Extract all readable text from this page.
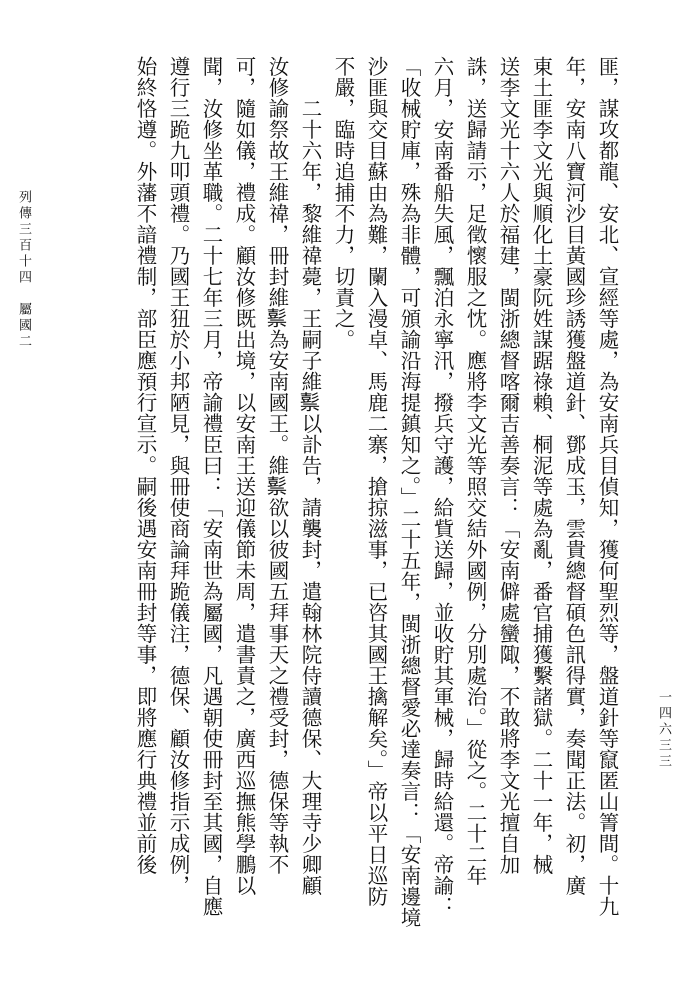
列傳三百十四　屬國二	匪，謀攻都龍、安北、宣經等處，為安南兵目偵知，獲何聖烈等，盤道針等竄匿山箐間。十九
年，安南八寶河沙目黃國珍誘獲盤道針、鄧成玉，雲貴總督碩色訊得實，奏聞正法。初，廣
東土匪李文光與順化土豪阮姓謀踞祿賴、桐泥等處為亂，番官捕獲繫諸獄。二十一年，械
送李文光十六人於福建，閩浙總督喀爾吉善奏言：「安南僻處蠻陬，不敢將李文光擅自加
誅，送歸請示，足徵懷服之忱。應將李文光等照交結外國例，分別處治。」從之。二十二年
六月，安南番船失風，飄泊永寧汛，撥兵守護，給貲送歸，並收貯其軍械，歸時給還。帝諭：
「收械貯庫，殊為非體，可頒諭沿海提鎮知之。」二十五年，閩浙總督愛必達奏言：「安南邊境
沙匪與交目蘇由為難，闌入漫卓、馬鹿二寨，搶掠滋事，已咨其國王擒解矣。」帝以平日巡防
不嚴，臨時追捕不力，切責之。
　　二十六年，黎維禕薨，王嗣子維𥛱以訃告，請襲封，遣翰林院侍讀德保、大理寺少卿顧
汝修諭祭故王維禕，冊封維𥛱為安南國王。維𥛱欲以彼國五拜事天之禮受封，德保等執不
可，隨如儀，禮成。顧汝修既出境，以安南王送迎儀節未周，遣書責之，廣西巡撫熊學鵬以
聞，汝修坐革職。二十七年三月，帝諭禮臣曰：「安南世為屬國，凡遇朝使冊封至其國，自應
遵行三跪九叩頭禮。乃國王狃於小邦陋見，與冊使商論拜跪儀注，德保、顧汝修指示成例，
始終恪遵。外藩不諳禮制，部臣應預行宣示。嗣後遇安南冊封等事，即將應行典禮並前後	一四六三三
